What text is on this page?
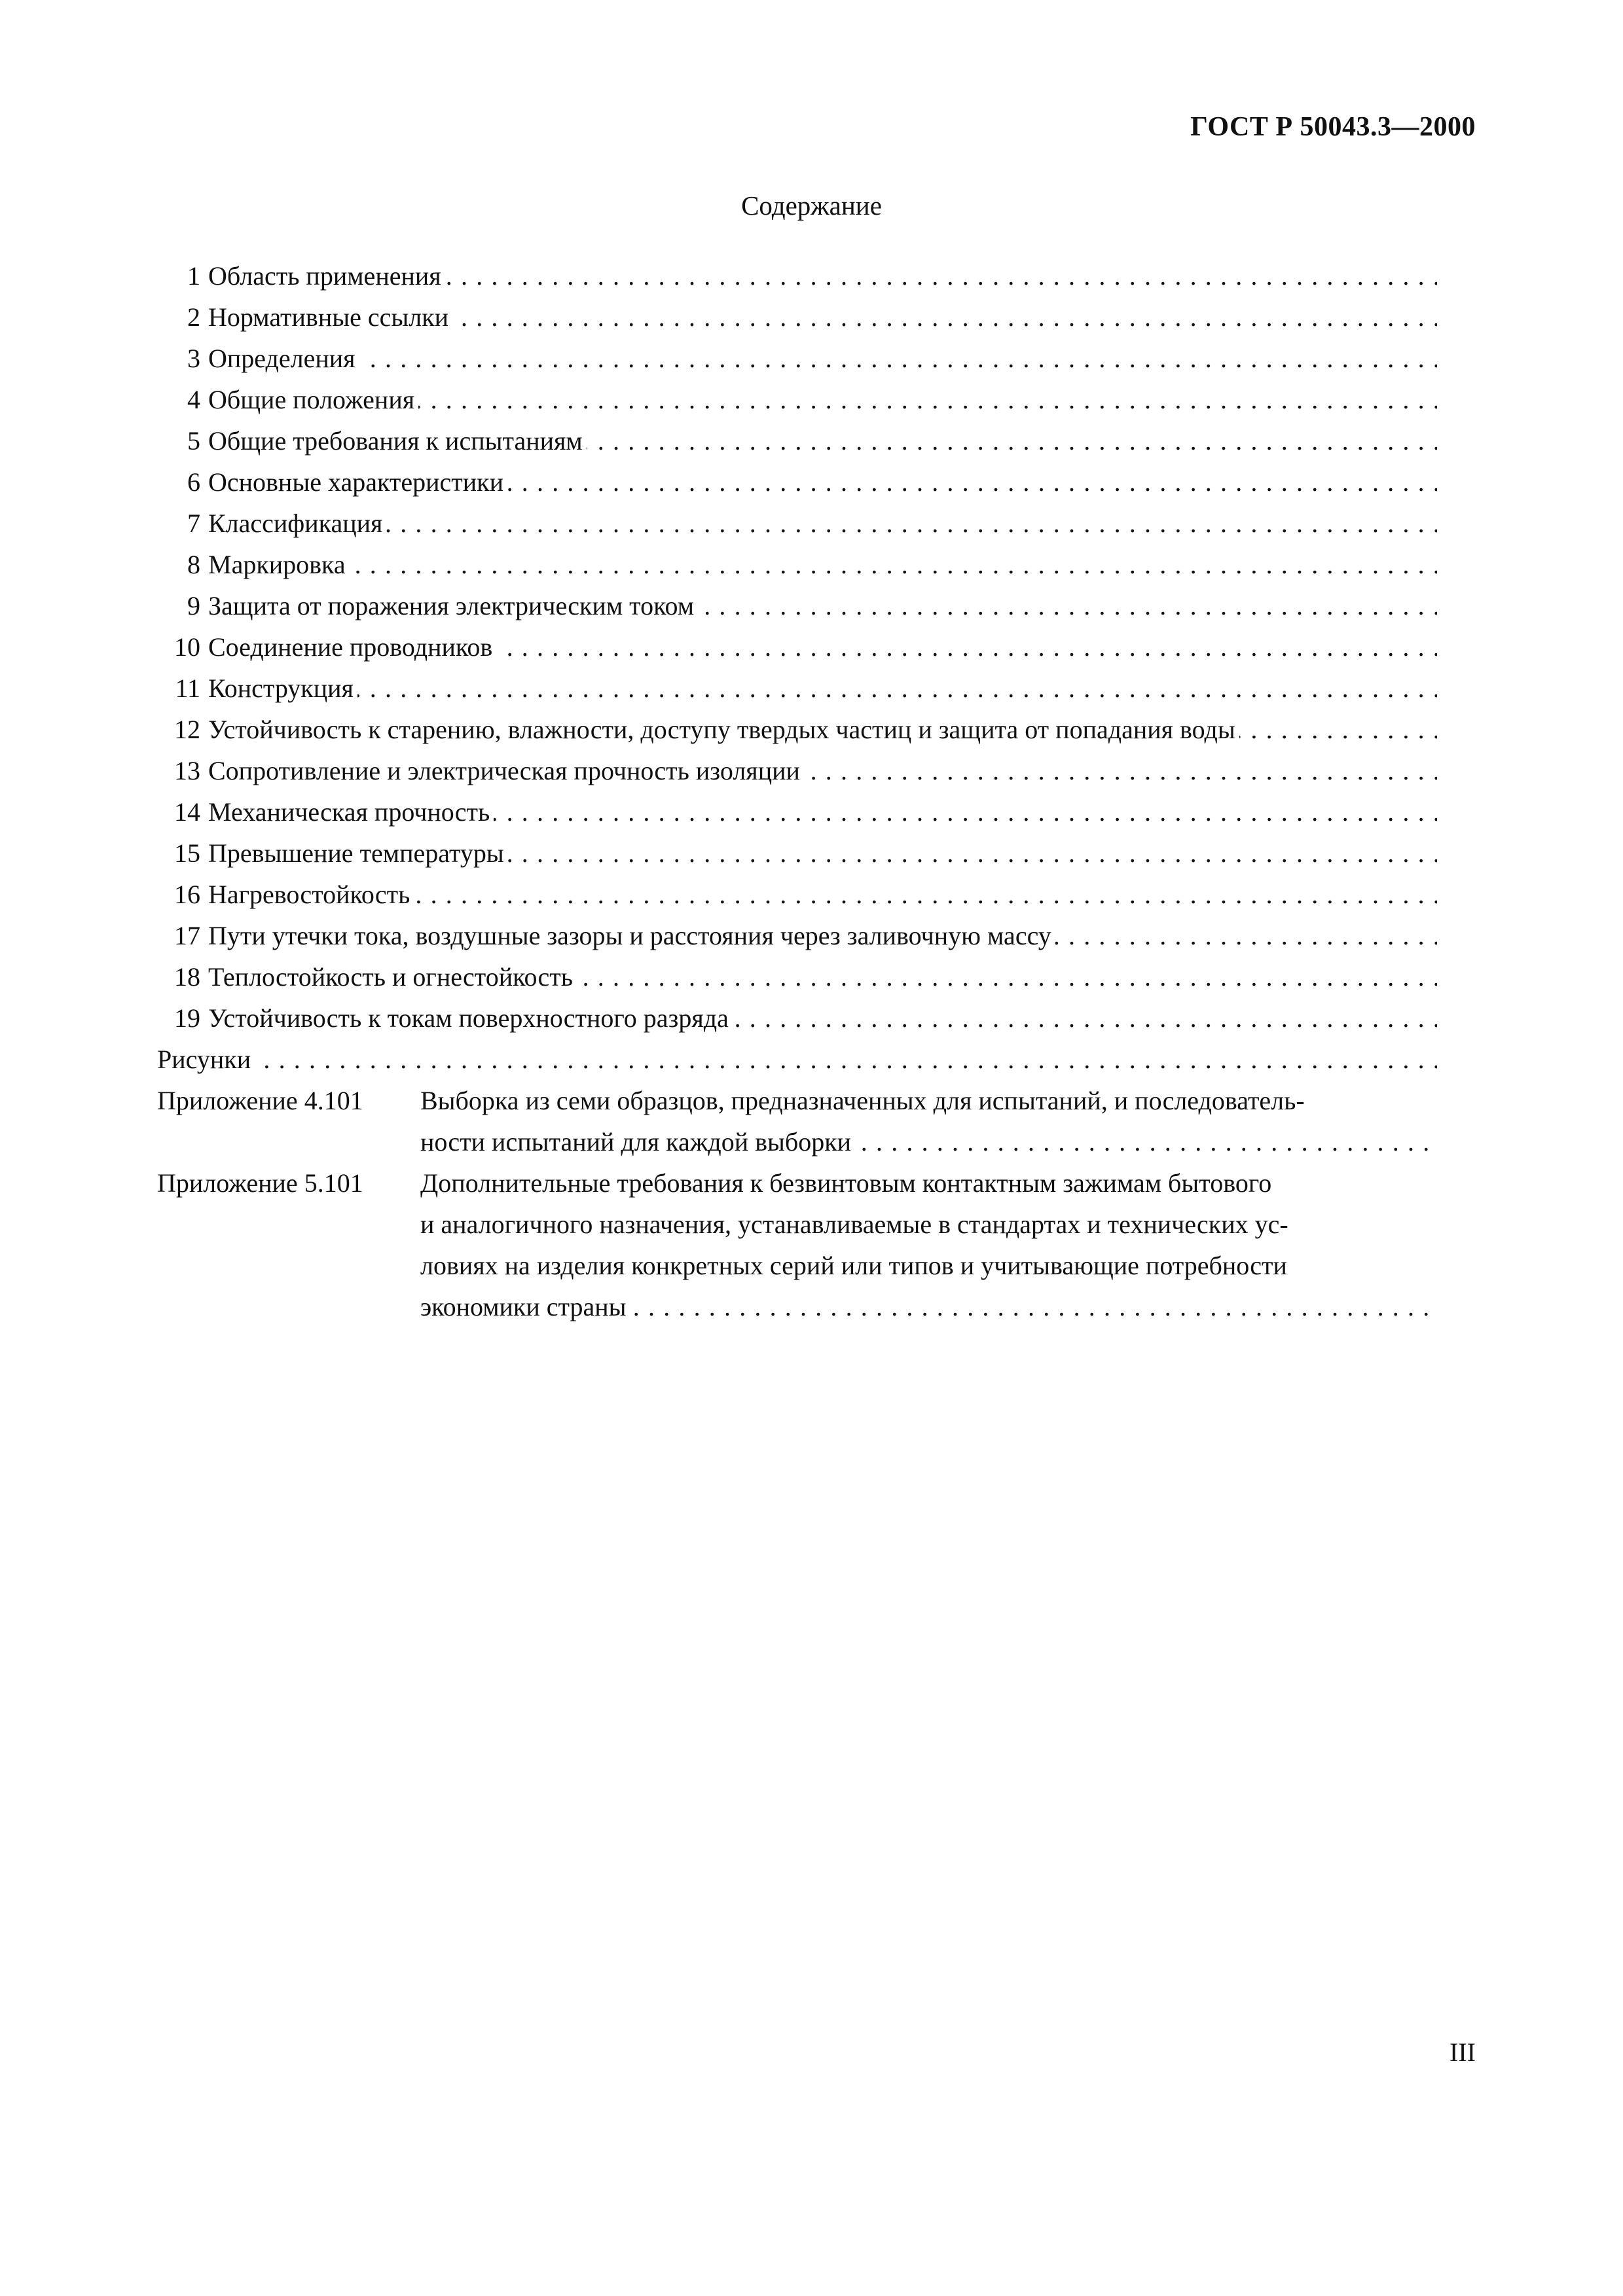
ГОСТ Р 50043.3—2000
Содержание
1 Область применения . . .
2 Нормативные ссылки . . .
3 Определения . . .
4 Общие положения . . .
5 Общие требования к испытаниям . . .
6 Основные характеристики . . .
7 Классификация . . .
8 Маркировка . . .
9 Защита от поражения электрическим током . . .
10 Соединение проводников . . .
11 Конструкция . . .
12 Устойчивость к старению, влажности, доступу твердых частиц и защита от попадания воды . . .
13 Сопротивление и электрическая прочность изоляции . . .
14 Механическая прочность . . .
15 Превышение температуры . . .
16 Нагревостойкость . . .
17 Пути утечки тока, воздушные зазоры и расстояния через заливочную массу . . .
18 Теплостойкость и огнестойкость . . .
19 Устойчивость к токам поверхностного разряда . . .
Рисунки . . .
Приложение 4.101 Выборка из семи образцов, предназначенных для испытаний, и последователь-
ности испытаний для каждой выборки . . .
Приложение 5.101 Дополнительные требования к безвинтовым контактным зажимам бытового
и аналогичного назначения, устанавливаемые в стандартах и технических ус-
ловиях на изделия конкретных серий или типов и учитывающие потребности
экономики страны . . .
III
